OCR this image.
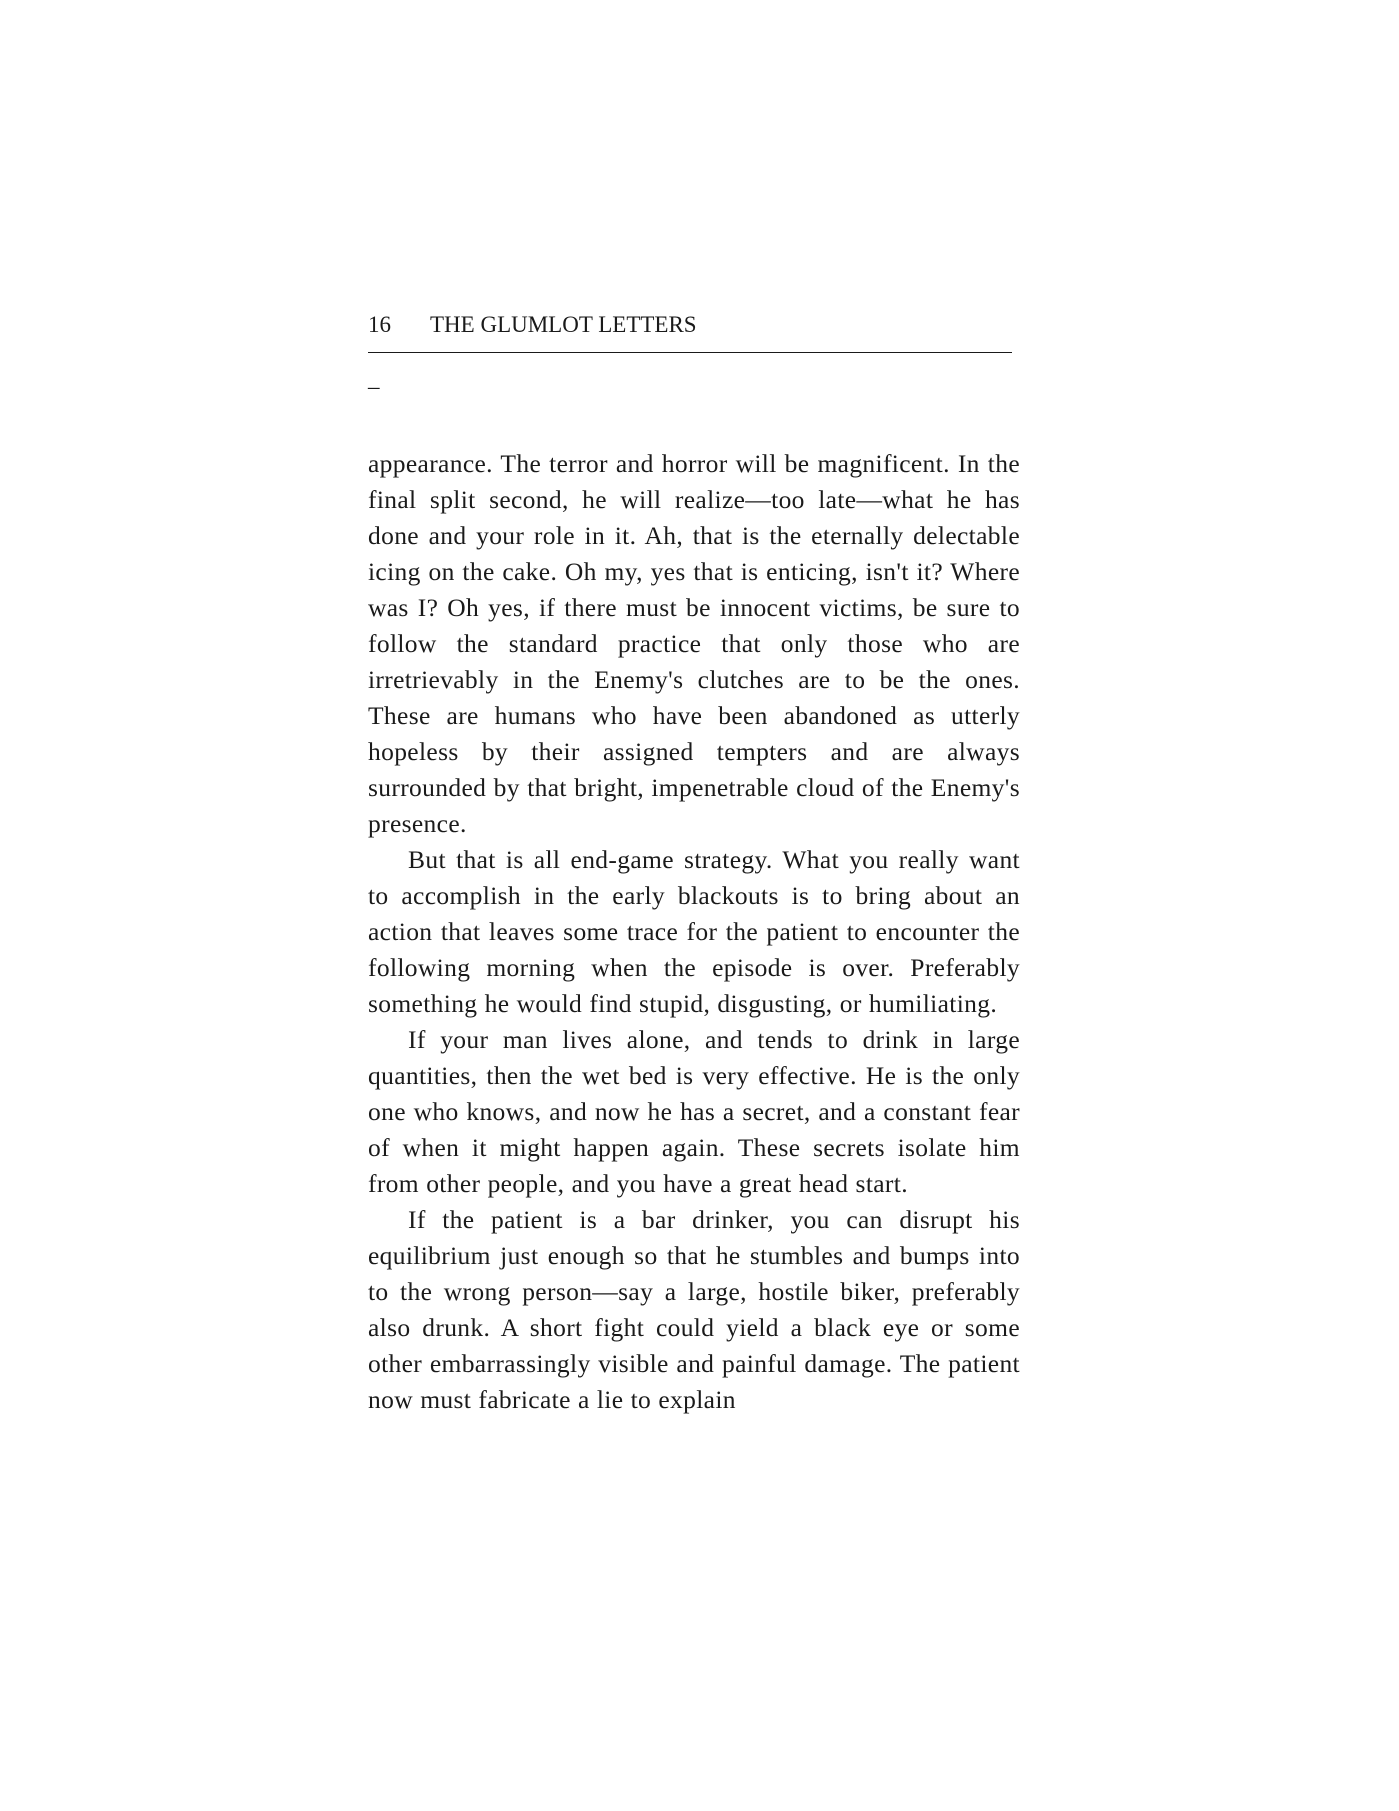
16 THE GLUMLOT LETTERS
_

appearance. The terror and horror will be magnificent. In the final split second, he will realize—too late—what he has done and your role in it. Ah, that is the eternally delectable icing on the cake. Oh my, yes that is enticing, isn't it? Where was I? Oh yes, if there must be innocent victims, be sure to follow the standard practice that only those who are irretrievably in the Enemy's clutches are to be the ones. These are humans who have been abandoned as utterly hopeless by their assigned tempters and are always surrounded by that bright, impenetrable cloud of the Enemy's presence.

But that is all end-game strategy. What you really want to accomplish in the early blackouts is to bring about an action that leaves some trace for the patient to encounter the following morning when the episode is over. Preferably something he would find stupid, disgusting, or humiliating.

If your man lives alone, and tends to drink in large quantities, then the wet bed is very effective. He is the only one who knows, and now he has a secret, and a constant fear of when it might happen again. These secrets isolate him from other people, and you have a great head start.

If the patient is a bar drinker, you can disrupt his equilibrium just enough so that he stumbles and bumps into to the wrong person—say a large, hostile biker, preferably also drunk. A short fight could yield a black eye or some other embarrassingly visible and painful damage. The patient now must fabricate a lie to explain
